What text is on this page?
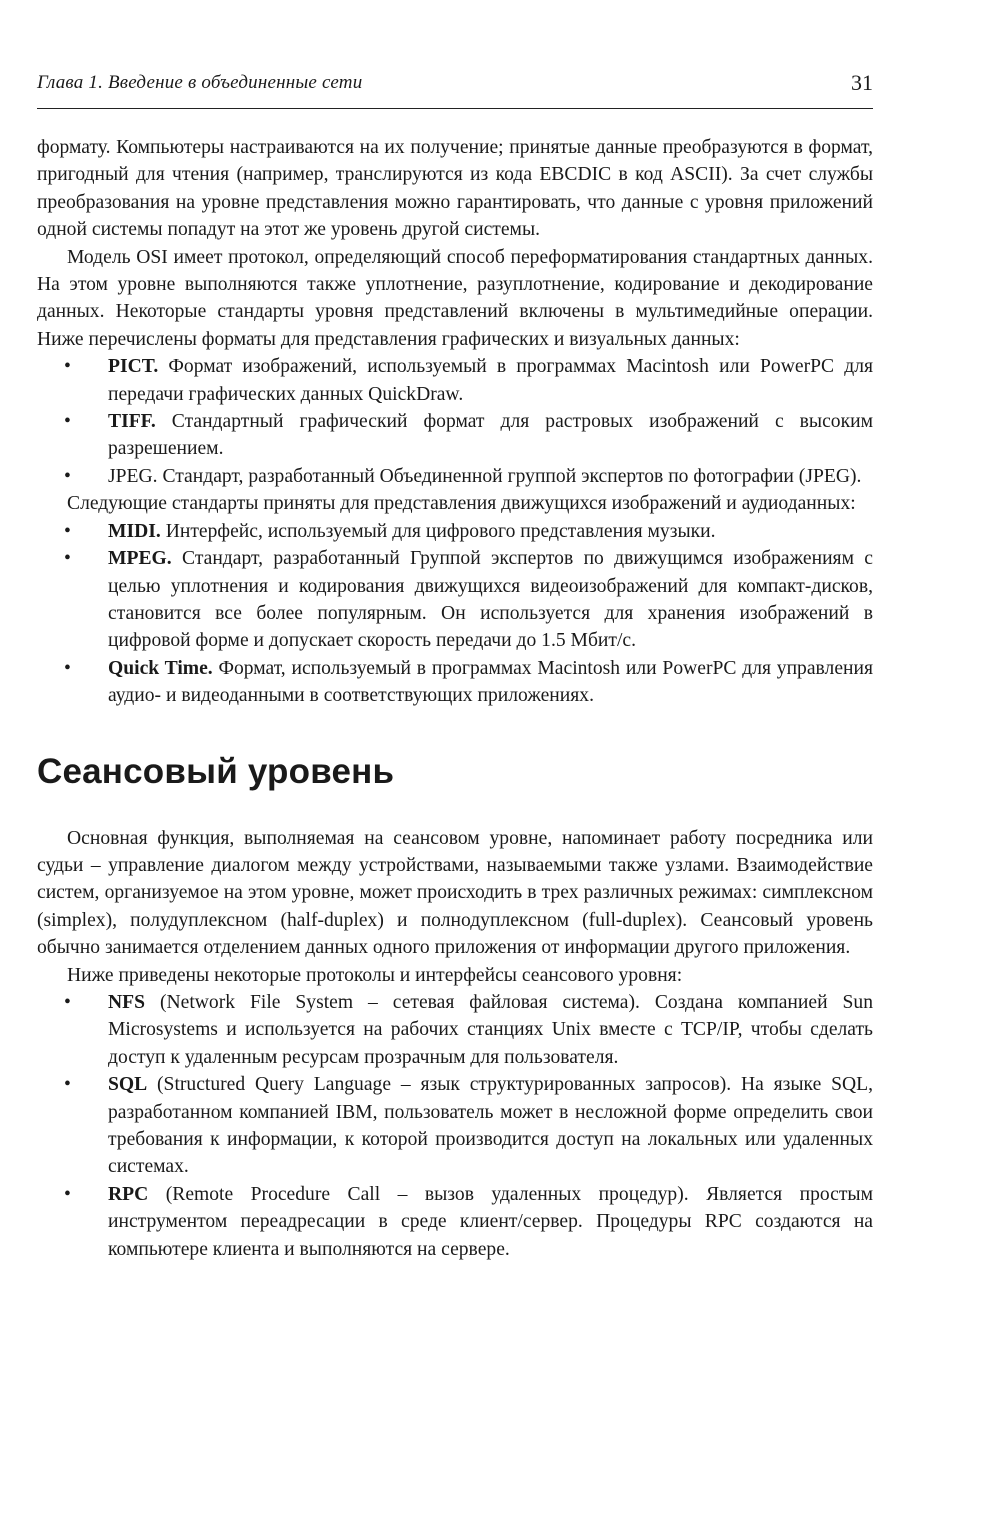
Глава 1. Введение в объединенные сети	31

формату. Компьютеры настраиваются на их получение; принятые данные преобразуются в формат, пригодный для чтения (например, транслируются из кода EBCDIC в код ASCII). За счет службы преобразования на уровне представления можно гарантировать, что данные с уровня приложений одной системы попадут на этот же уровень другой системы.

Модель OSI имеет протокол, определяющий способ переформатирования стандартных данных. На этом уровне выполняются также уплотнение, разуплотнение, кодирование и декодирование данных. Некоторые стандарты уровня представлений включены в мультимедийные операции. Ниже перечислены форматы для представления графических и визуальных данных:

• PICT. Формат изображений, используемый в программах Macintosh или PowerPC для передачи графических данных QuickDraw.
• TIFF. Стандартный графический формат для растровых изображений с высоким разрешением.
• JPEG. Стандарт, разработанный Объединенной группой экспертов по фотографии (JPEG).

Следующие стандарты приняты для представления движущихся изображений и аудиоданных:

• MIDI. Интерфейс, используемый для цифрового представления музыки.
• MPEG. Стандарт, разработанный Группой экспертов по движущимся изображениям с целью уплотнения и кодирования движущихся видеоизображений для компакт-дисков, становится все более популярным. Он используется для хранения изображений в цифровой форме и допускает скорость передачи до 1.5 Мбит/с.
• Quick Time. Формат, используемый в программах Macintosh или PowerPC для управления аудио- и видеоданными в соответствующих приложениях.
Сеансовый уровень

Основная функция, выполняемая на сеансовом уровне, напоминает работу посредника или судьи – управление диалогом между устройствами, называемыми также узлами. Взаимодействие систем, организуемое на этом уровне, может происходить в трех различных режимах: симплексном (simplex), полудуплексном (half-duplex) и полнодуплексном (full-duplex). Сеансовый уровень обычно занимается отделением данных одного приложения от информации другого приложения.

Ниже приведены некоторые протоколы и интерфейсы сеансового уровня:

• NFS (Network File System – сетевая файловая система). Создана компанией Sun Microsystems и используется на рабочих станциях Unix вместе с TCP/IP, чтобы сделать доступ к удаленным ресурсам прозрачным для пользователя.
• SQL (Structured Query Language – язык структурированных запросов). На языке SQL, разработанном компанией IBM, пользователь может в несложной форме определить свои требования к информации, к которой производится доступ на локальных или удаленных системах.
• RPC (Remote Procedure Call – вызов удаленных процедур). Является простым инструментом переадресации в среде клиент/сервер. Процедуры RPC создаются на компьютере клиента и выполняются на сервере.
